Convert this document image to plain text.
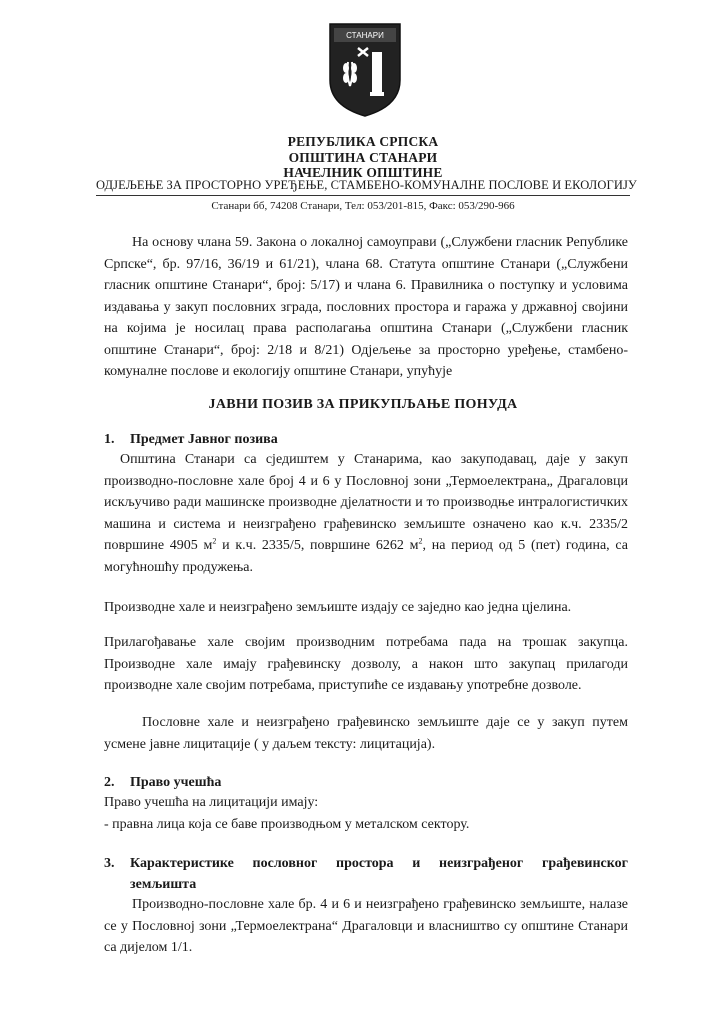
СТАНАРИ
РЕПУБЛИКА СРПСКА
ОПШТИНА СТАНАРИ
НАЧЕЛНИК ОПШТИНЕ
ОДЈЕЉЕЊЕ ЗА ПРОСТОРНО УРЕЂЕЊЕ, СТАМБЕНО-КОМУНАЛНЕ ПОСЛОВЕ И ЕКОЛОГИЈУ
Станари бб, 74208 Станари, Тел: 053/201-815, Факс: 053/290-966
На основу члана 59. Закона о локалној самоуправи („Службени гласник Републике Српске“, бр. 97/16, 36/19 и 61/21), члана 68. Статута општине Станари („Службени гласник општине Станари“, број: 5/17) и члана 6. Правилника о поступку и условима издавања у закуп пословних зграда, пословних простора и гаража у државној својини на којима је носилац права располагања општина Станари („Службени гласник општине Станари“, број: 2/18 и 8/21) Одјељење за просторно уређење, стамбено-комуналне послове и екологију општине Станари, упућује
ЈАВНИ ПОЗИВ ЗА ПРИКУПЉАЊЕ ПОНУДА
1. Предмет Јавног позива
Општина Станари са сједиштем у Станарима, као закуподавац, даје у закуп производно-пословне хале број 4 и 6 у Пословној зони „Термоелектрана„ Драгаловци искључиво ради машинске производне дјелатности и то производње интралогистичких машина и система и неизграђено грађевинско земљиште означено као к.ч. 2335/2 површине 4905 $м^2$ и к.ч. 2335/5, површине 6262 $м^2$, на период од 5 (пет) година, са могућношћу продужења.
Производне хале и неизграђено земљиште издају се заједно као једна цјелина.
Прилагођавање хале својим производним потребама пада на трошак закупца. Производне хале имају грађевинску дозволу, а након што закупац прилагоди производне хале својим потребама, приступиће се издавању употребне дозволе.
Пословне хале и неизграђено грађевинско земљиште даје се у закуп путем усмене јавне лицитације ( у даљем тексту: лицитација).
2. Право учешћа
Право учешћа на лицитацији имају:
- правна лица која се баве производњом у металском сектору.
3.	Карактеристике пословног простора и неизграђеног грађевинског
земљишта
Производно-пословне хале бр. 4 и 6 и неизграђено грађевинско земљиште, налазе се у Пословној зони „Термоелектрана“ Драгаловци и власништво су општине Станари са дијелом 1/1.
